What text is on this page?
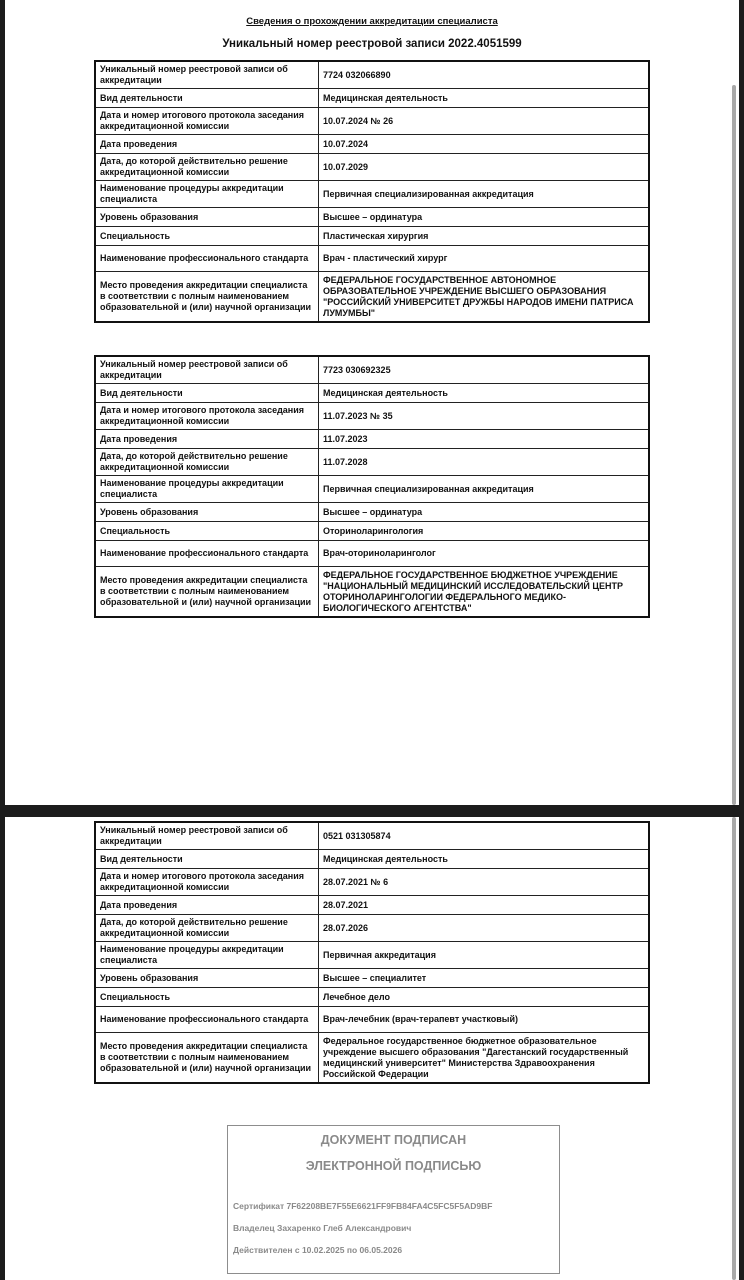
Сведения о прохождении аккредитации специалиста
Уникальный номер реестровой записи 2022.4051599
Уникальный номер реестровой записи об аккредитации	7724 032066890
Вид деятельности	Медицинская деятельность
Дата и номер итогового протокола заседания аккредитационной комиссии	10.07.2024 № 26
Дата проведения	10.07.2024
Дата, до которой действительно решение аккредитационной комиссии	10.07.2029
Наименование процедуры аккредитации специалиста	Первичная специализированная аккредитация
Уровень образования	Высшее – ординатура
Специальность	Пластическая хирургия
Наименование профессионального стандарта	Врач - пластический хирург
Место проведения аккредитации специалиста в соответствии с полным наименованием образовательной и (или) научной организации	ФЕДЕРАЛЬНОЕ ГОСУДАРСТВЕННОЕ АВТОНОМНОЕ ОБРАЗОВАТЕЛЬНОЕ УЧРЕЖДЕНИЕ ВЫСШЕГО ОБРАЗОВАНИЯ "РОССИЙСКИЙ УНИВЕРСИТЕТ ДРУЖБЫ НАРОДОВ ИМЕНИ ПАТРИСА ЛУМУМБЫ"
Уникальный номер реестровой записи об аккредитации	7723 030692325
Вид деятельности	Медицинская деятельность
Дата и номер итогового протокола заседания аккредитационной комиссии	11.07.2023 № 35
Дата проведения	11.07.2023
Дата, до которой действительно решение аккредитационной комиссии	11.07.2028
Наименование процедуры аккредитации специалиста	Первичная специализированная аккредитация
Уровень образования	Высшее – ординатура
Специальность	Оториноларингология
Наименование профессионального стандарта	Врач-оториноларинголог
Место проведения аккредитации специалиста в соответствии с полным наименованием образовательной и (или) научной организации	ФЕДЕРАЛЬНОЕ ГОСУДАРСТВЕННОЕ БЮДЖЕТНОЕ УЧРЕЖДЕНИЕ "НАЦИОНАЛЬНЫЙ МЕДИЦИНСКИЙ ИССЛЕДОВАТЕЛЬСКИЙ ЦЕНТР ОТОРИНОЛАРИНГОЛОГИИ ФЕДЕРАЛЬНОГО МЕДИКО-БИОЛОГИЧЕСКОГО АГЕНТСТВА"
Уникальный номер реестровой записи об аккредитации	0521 031305874
Вид деятельности	Медицинская деятельность
Дата и номер итогового протокола заседания аккредитационной комиссии	28.07.2021 № 6
Дата проведения	28.07.2021
Дата, до которой действительно решение аккредитационной комиссии	28.07.2026
Наименование процедуры аккредитации специалиста	Первичная аккредитация
Уровень образования	Высшее – специалитет
Специальность	Лечебное дело
Наименование профессионального стандарта	Врач-лечебник (врач-терапевт участковый)
Место проведения аккредитации специалиста в соответствии с полным наименованием образовательной и (или) научной организации	Федеральное государственное бюджетное образовательное учреждение высшего образования "Дагестанский государственный медицинский университет" Министерства Здравоохранения Российской Федерации
ДОКУМЕНТ ПОДПИСАН
ЭЛЕКТРОННОЙ ПОДПИСЬЮ
Сертификат 7F62208BE7F55E6621FF9FB84FA4C5FC5F5AD9BF
Владелец Захаренко Глеб Александрович
Действителен с 10.02.2025 по 06.05.2026
